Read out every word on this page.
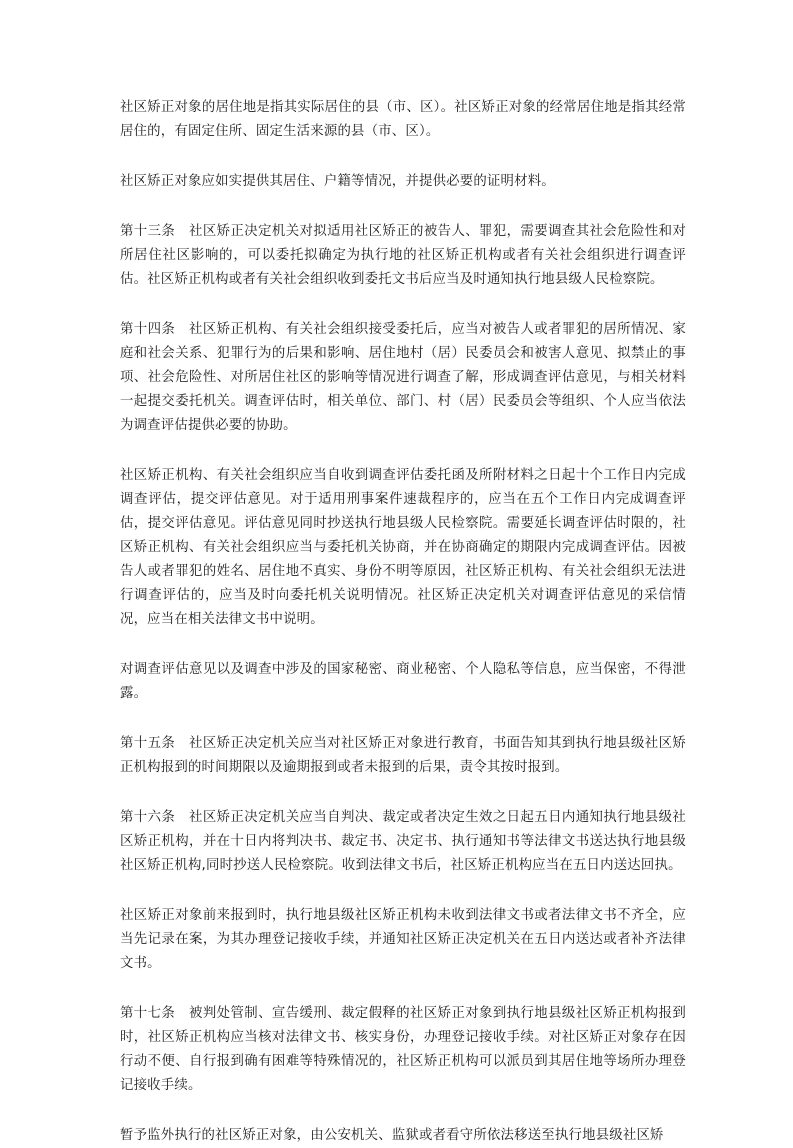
社区矫正对象的居住地是指其实际居住的县（市、区）。社区矫正对象的经常居住地是指其经常居住的，有固定住所、固定生活来源的县（市、区）。

社区矫正对象应如实提供其居住、户籍等情况，并提供必要的证明材料。

第十三条　社区矫正决定机关对拟适用社区矫正的被告人、罪犯，需要调查其社会危险性和对所居住社区影响的，可以委托拟确定为执行地的社区矫正机构或者有关社会组织进行调查评估。社区矫正机构或者有关社会组织收到委托文书后应当及时通知执行地县级人民检察院。

第十四条　社区矫正机构、有关社会组织接受委托后，应当对被告人或者罪犯的居所情况、家庭和社会关系、犯罪行为的后果和影响、居住地村（居）民委员会和被害人意见、拟禁止的事项、社会危险性、对所居住社区的影响等情况进行调查了解，形成调查评估意见，与相关材料一起提交委托机关。调查评估时，相关单位、部门、村（居）民委员会等组织、个人应当依法为调查评估提供必要的协助。

社区矫正机构、有关社会组织应当自收到调查评估委托函及所附材料之日起十个工作日内完成调查评估，提交评估意见。对于适用刑事案件速裁程序的，应当在五个工作日内完成调查评估，提交评估意见。评估意见同时抄送执行地县级人民检察院。需要延长调查评估时限的，社区矫正机构、有关社会组织应当与委托机关协商，并在协商确定的期限内完成调查评估。因被告人或者罪犯的姓名、居住地不真实、身份不明等原因，社区矫正机构、有关社会组织无法进行调查评估的，应当及时向委托机关说明情况。社区矫正决定机关对调查评估意见的采信情况，应当在相关法律文书中说明。

对调查评估意见以及调查中涉及的国家秘密、商业秘密、个人隐私等信息，应当保密，不得泄露。

第十五条　社区矫正决定机关应当对社区矫正对象进行教育，书面告知其到执行地县级社区矫正机构报到的时间期限以及逾期报到或者未报到的后果，责令其按时报到。

第十六条　社区矫正决定机关应当自判决、裁定或者决定生效之日起五日内通知执行地县级社区矫正机构，并在十日内将判决书、裁定书、决定书、执行通知书等法律文书送达执行地县级社区矫正机构,同时抄送人民检察院。收到法律文书后，社区矫正机构应当在五日内送达回执。

社区矫正对象前来报到时，执行地县级社区矫正机构未收到法律文书或者法律文书不齐全，应当先记录在案，为其办理登记接收手续，并通知社区矫正决定机关在五日内送达或者补齐法律文书。

第十七条　被判处管制、宣告缓刑、裁定假释的社区矫正对象到执行地县级社区矫正机构报到时，社区矫正机构应当核对法律文书、核实身份，办理登记接收手续。对社区矫正对象存在因行动不便、自行报到确有困难等特殊情况的，社区矫正机构可以派员到其居住地等场所办理登记接收手续。

暂予监外执行的社区矫正对象，由公安机关、监狱或者看守所依法移送至执行地县级社区矫
